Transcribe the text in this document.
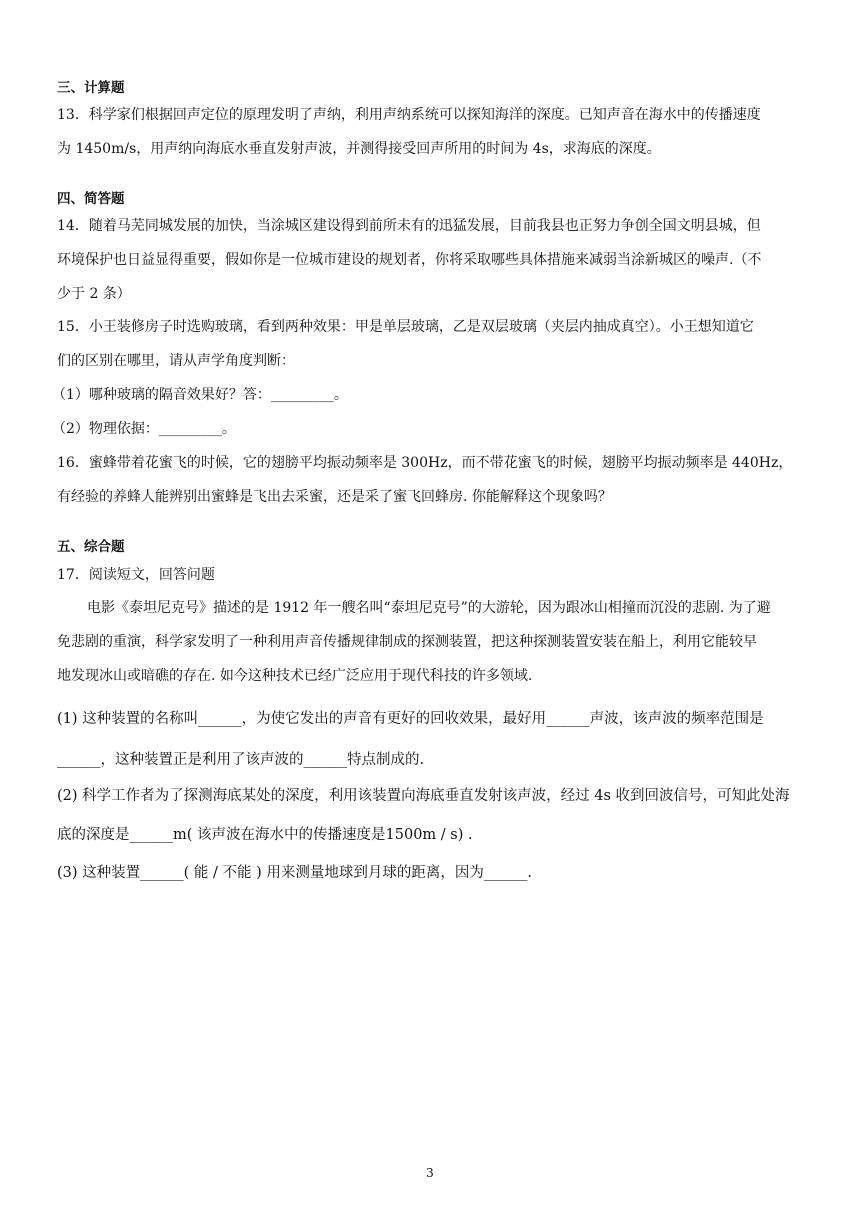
三、计算题
13．科学家们根据回声定位的原理发明了声纳，利用声纳系统可以探知海洋的深度。已知声音在海水中的传播速度
为 1450m/s，用声纳向海底水垂直发射声波，并测得接受回声所用的时间为 4s，求海底的深度。
四、简答题
14．随着马芜同城发展的加快，当涂城区建设得到前所未有的迅猛发展，目前我县也正努力争创全国文明县城，但
环境保护也日益显得重要，假如你是一位城市建设的规划者，你将采取哪些具体措施来减弱当涂新城区的噪声.（不
少于 2 条）
15．小王装修房子时选购玻璃，看到两种效果：甲是单层玻璃，乙是双层玻璃（夹层内抽成真空）。小王想知道它
们的区别在哪里，请从声学角度判断：
（1）哪种玻璃的隔音效果好？答：_________。
（2）物理依据：_________。
16．蜜蜂带着花蜜飞的时候，它的翅膀平均振动频率是 300Hz，而不带花蜜飞的时候，翅膀平均振动频率是 440Hz，
有经验的养蜂人能辨别出蜜蜂是飞出去采蜜，还是采了蜜飞回蜂房. 你能解释这个现象吗？
五、综合题
17．阅读短文，回答问题
电影《泰坦尼克号》描述的是 1912 年一艘名叫“泰坦尼克号”的大游轮，因为跟冰山相撞而沉没的悲剧. 为了避
免悲剧的重演，科学家发明了一种利用声音传播规律制成的探测装置，把这种探测装置安装在船上，利用它能较早
地发现冰山或暗礁的存在. 如今这种技术已经广泛应用于现代科技的许多领域.
(1) 这种装置的名称叫______，为使它发出的声音有更好的回收效果，最好用______声波，该声波的频率范围是
______，这种装置正是利用了该声波的______特点制成的.
(2) 科学工作者为了探测海底某处的深度，利用该装置向海底垂直发射该声波，经过 4s 收到回波信号，可知此处海
底的深度是______m( 该声波在海水中的传播速度是1500m / s) .
(3) 这种装置______( 能 / 不能 ) 用来测量地球到月球的距离，因为______.
3
